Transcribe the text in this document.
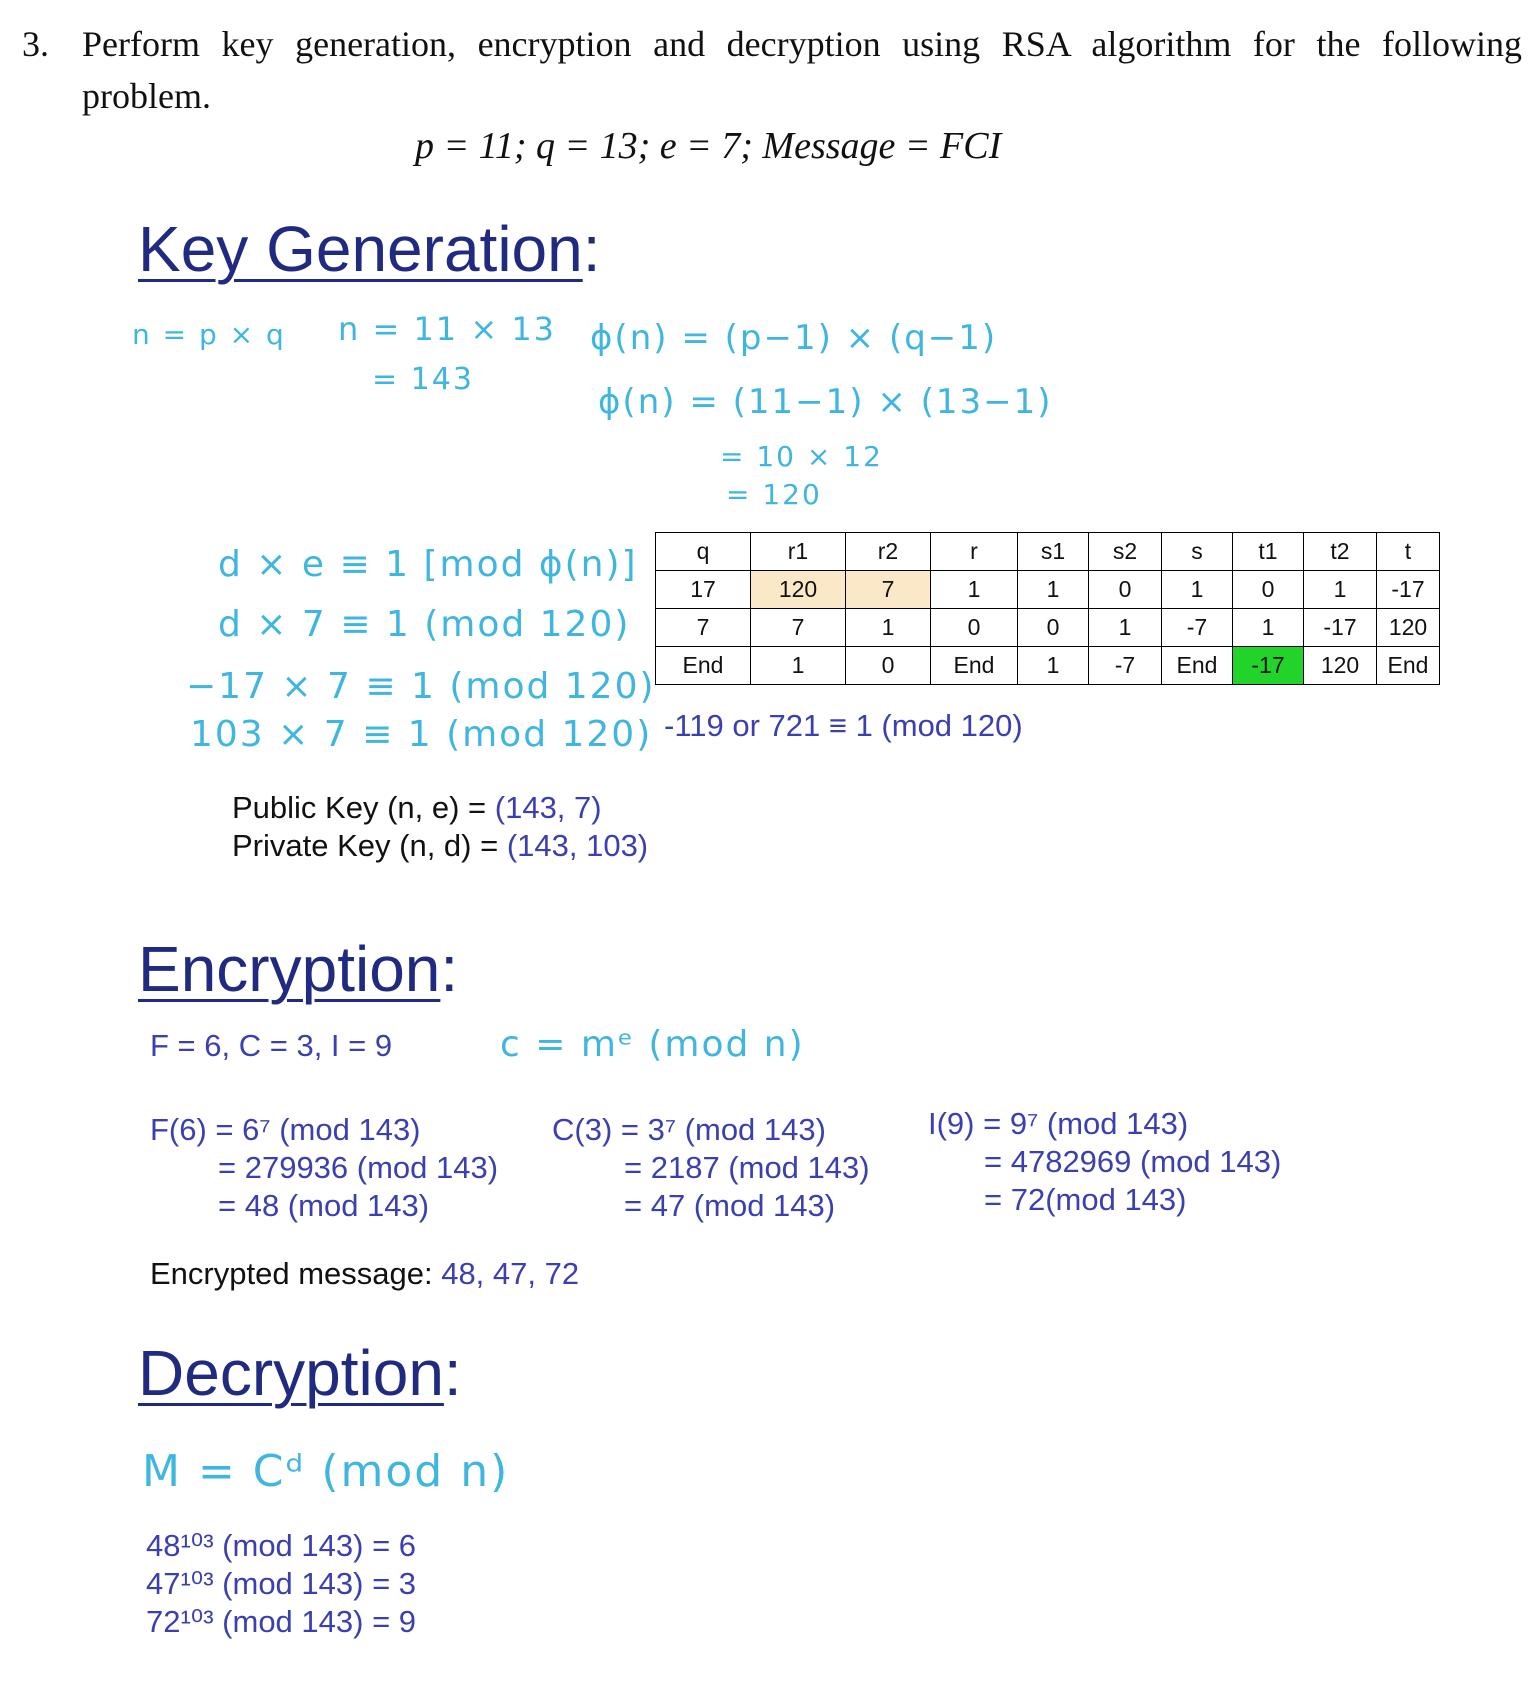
3. Perform key generation, encryption and decryption using RSA algorithm for the following
problem.
p = 11; q = 13; e = 7; Message = FCI
Key Generation:
n = p × q n = 11 × 13
= 143
ϕ(n) = (p−1) × (q−1)
ϕ(n) = (11−1) × (13−1)
= 10 × 12
= 120
d × e ≡ 1 [mod ϕ(n)]
d × 7 ≡ 1 (mod 120)
−17 × 7 ≡ 1 (mod 120)
103 × 7 ≡ 1 (mod 120)
q	r1	r2	r	s1	s2	s	t1	t2	t
17	120	7	1	1	0	1	0	1	-17
7	7	1	0	0	1	-7	1	-17	120
End	1	0	End	1	-7	End	-17	120	End
-119 or 721 ≡ 1 (mod 120)
Public Key (n, e) = (143, 7)
Private Key (n, d) = (143, 103)
Encryption:
F = 6, C = 3, I = 9	c = mᵉ (mod n)
F(6) = 6⁷ (mod 143)
= 279936 (mod 143)
= 48 (mod 143)
C(3) = 3⁷ (mod 143)
= 2187 (mod 143)
= 47 (mod 143)
I(9) = 9⁷ (mod 143)
= 4782969 (mod 143)
= 72(mod 143)
Encrypted message: 48, 47, 72
Decryption:
M = Cᵈ (mod n)
48¹⁰³ (mod 143) = 6
47¹⁰³ (mod 143) = 3
72¹⁰³ (mod 143) = 9
